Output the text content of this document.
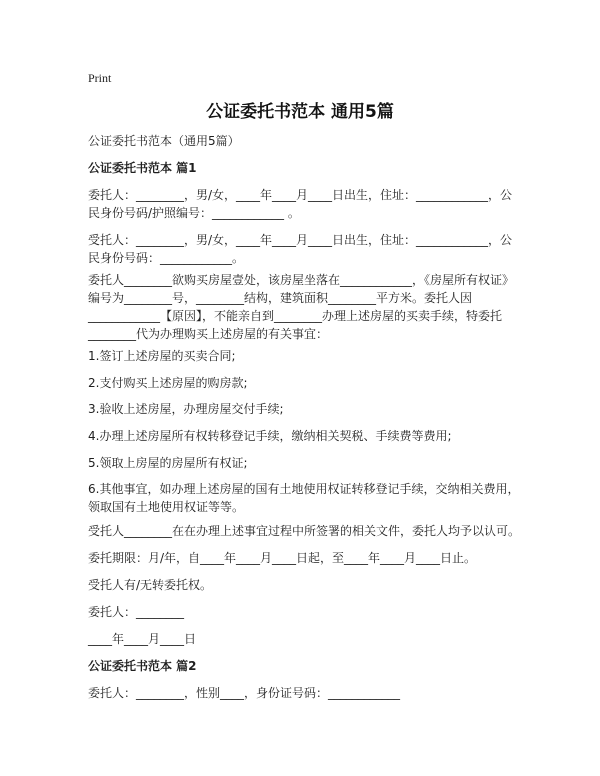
Print
公证委托书范本 通用5篇
公证委托书范本（通用5篇）
公证委托书范本 篇1
委托人：________，男/女，____年____月____日出生，住址：____________，公
民身份号码/护照编号：____________ 。
受托人：________，男/女，____年____月____日出生，住址：____________，公
民身份号码：____________。
委托人________欲购买房屋壹处，该房屋坐落在____________，《房屋所有权证》
编号为________号，________结构，建筑面积________平方米。委托人因
____________【原因】，不能亲自到________办理上述房屋的买卖手续，特委托
________代为办理购买上述房屋的有关事宜：
1.签订上述房屋的买卖合同;
2.支付购买上述房屋的购房款;
3.验收上述房屋，办理房屋交付手续;
4.办理上述房屋所有权转移登记手续，缴纳相关契税、手续费等费用;
5.领取上房屋的房屋所有权证;
6.其他事宜，如办理上述房屋的国有土地使用权证转移登记手续，交纳相关费用，
领取国有土地使用权证等等。
受托人________在在办理上述事宜过程中所签署的相关文件，委托人均予以认可。
委托期限：月/年，自____年____月____日起，至____年____月____日止。
受托人有/无转委托权。
委托人：________
____年____月____日
公证委托书范本 篇2
委托人：________，性别____，身份证号码：____________
